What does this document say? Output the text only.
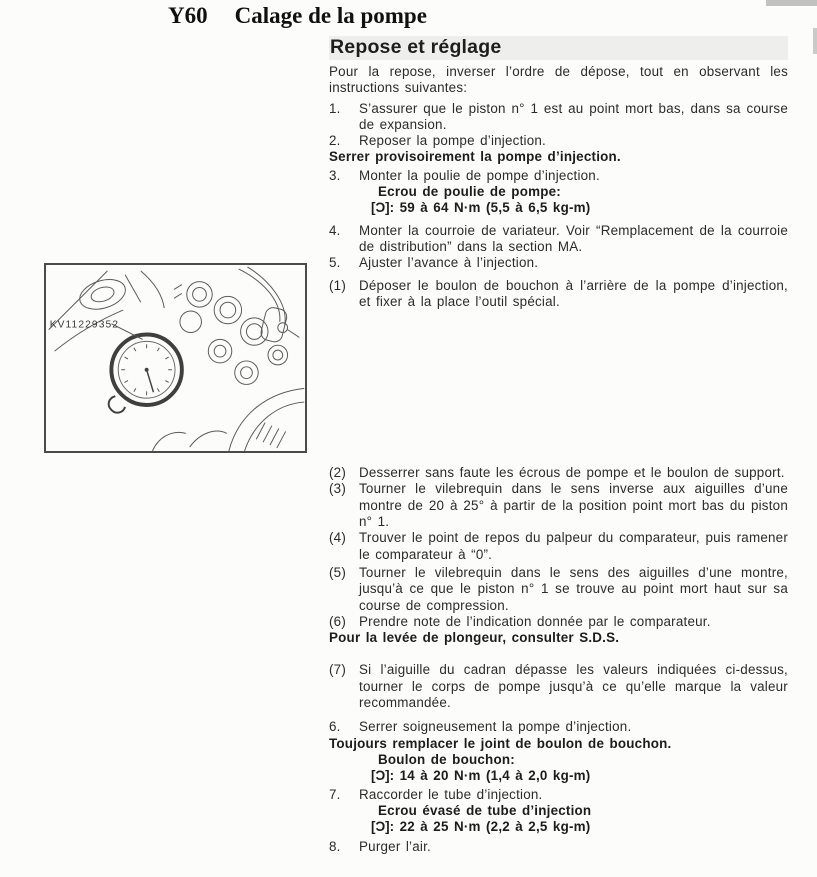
Y60 Calage de la pompe
KV11229352
Repose et réglage
Pour la repose, inverser l’ordre de dépose, tout en observant les instructions suivantes:
1. S’assurer que le piston n° 1 est au point mort bas, dans sa course de expansion.
2. Reposer la pompe d’injection.
Serrer provisoirement la pompe d’injection.
3. Monter la poulie de pompe d’injection.
Ecrou de poulie de pompe:
[Ɔ]: 59 à 64 N·m (5,5 à 6,5 kg-m)
4. Monter la courroie de variateur. Voir “Remplacement de la courroie de distribution” dans la section MA.
5. Ajuster l’avance à l’injection.
(1) Déposer le boulon de bouchon à l’arrière de la pompe d’injection, et fixer à la place l’outil spécial.
(2) Desserrer sans faute les écrous de pompe et le boulon de support.
(3) Tourner le vilebrequin dans le sens inverse aux aiguilles d’une montre de 20 à 25° à partir de la position point mort bas du piston n° 1.
(4) Trouver le point de repos du palpeur du comparateur, puis ramener le comparateur à “0”.
(5) Tourner le vilebrequin dans le sens des aiguilles d’une montre, jusqu’à ce que le piston n° 1 se trouve au point mort haut sur sa course de compression.
(6) Prendre note de l’indication donnée par le comparateur.
Pour la levée de plongeur, consulter S.D.S.
(7) Si l’aiguille du cadran dépasse les valeurs indiquées ci-dessus, tourner le corps de pompe jusqu’à ce qu’elle marque la valeur recommandée.
6. Serrer soigneusement la pompe d’injection.
Toujours remplacer le joint de boulon de bouchon.
Boulon de bouchon:
[Ɔ]: 14 à 20 N·m (1,4 à 2,0 kg-m)
7. Raccorder le tube d’injection.
Ecrou évasé de tube d’injection
[Ɔ]: 22 à 25 N·m (2,2 à 2,5 kg-m)
8. Purger l’air.
